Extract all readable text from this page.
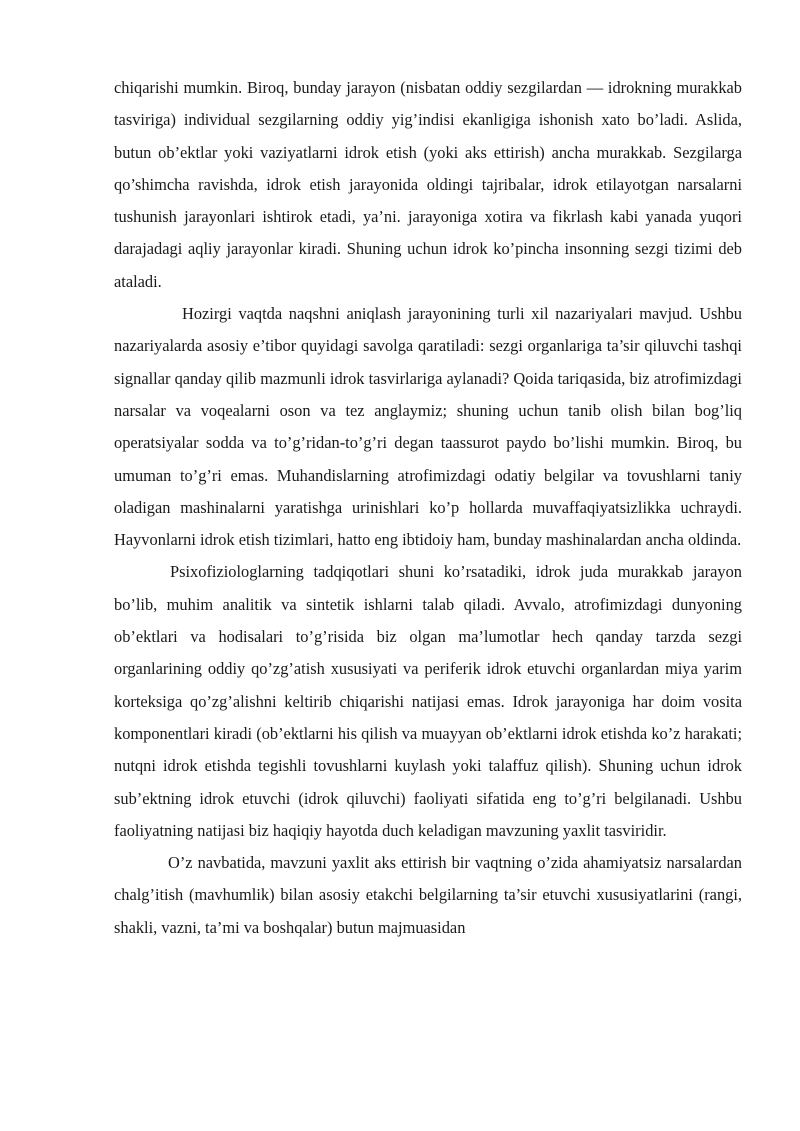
chiqarishi mumkin. Biroq, bunday jarayon (nisbatan oddiy sezgilardan — idrokning murakkab tasviriga) individual sezgilarning oddiy yig’indisi ekanligiga ishonish xato bo’ladi. Aslida, butun ob’ektlar yoki vaziyatlarni idrok etish (yoki aks ettirish) ancha murakkab. Sezgilarga qo’shimcha ravishda, idrok etish jarayonida oldingi tajribalar, idrok etilayotgan narsalarni tushunish jarayonlari ishtirok etadi, ya’ni. jarayoniga xotira va fikrlash kabi yanada yuqori darajadagi aqliy jarayonlar kiradi. Shuning uchun idrok ko’pincha insonning sezgi tizimi deb ataladi.

Hozirgi vaqtda naqshni aniqlash jarayonining turli xil nazariyalari mavjud. Ushbu nazariyalarda asosiy e’tibor quyidagi savolga qaratiladi: sezgi organlariga ta’sir qiluvchi tashqi signallar qanday qilib mazmunli idrok tasvirlariga aylanadi? Qoida tariqasida, biz atrofimizdagi narsalar va voqealarni oson va tez anglaymiz; shuning uchun tanib olish bilan bog’liq operatsiyalar sodda va to’g’ridan-to’g’ri degan taassurot paydo bo’lishi mumkin. Biroq, bu umuman to’g’ri emas. Muhandislarning atrofimizdagi odatiy belgilar va tovushlarni taniy oladigan mashinalarni yaratishga urinishlari ko’p hollarda muvaffaqiyatsizlikka uchraydi. Hayvonlarni idrok etish tizimlari, hatto eng ibtidoiy ham, bunday mashinalardan ancha oldinda.

Psixofiziologlarning tadqiqotlari shuni ko’rsatadiki, idrok juda murakkab jarayon bo’lib, muhim analitik va sintetik ishlarni talab qiladi. Avvalo, atrofimizdagi dunyoning ob’ektlari va hodisalari to’g’risida biz olgan ma’lumotlar hech qanday tarzda sezgi organlarining oddiy qo’zg’atish xususiyati va periferik idrok etuvchi organlardan miya yarim korteksiga qo’zg’alishni keltirib chiqarishi natijasi emas. Idrok jarayoniga har doim vosita komponentlari kiradi (ob’ektlarni his qilish va muayyan ob’ektlarni idrok etishda ko’z harakati; nutqni idrok etishda tegishli tovushlarni kuylash yoki talaffuz qilish). Shuning uchun idrok sub’ektning idrok etuvchi (idrok qiluvchi) faoliyati sifatida eng to’g’ri belgilanadi. Ushbu faoliyatning natijasi biz haqiqiy hayotda duch keladigan mavzuning yaxlit tasviridir.

O’z navbatida, mavzuni yaxlit aks ettirish bir vaqtning o’zida ahamiyatsiz narsalardan chalg’itish (mavhumlik) bilan asosiy etakchi belgilarning ta’sir etuvchi xususiyatlarini (rangi, shakli, vazni, ta’mi va boshqalar) butun majmuasidan
